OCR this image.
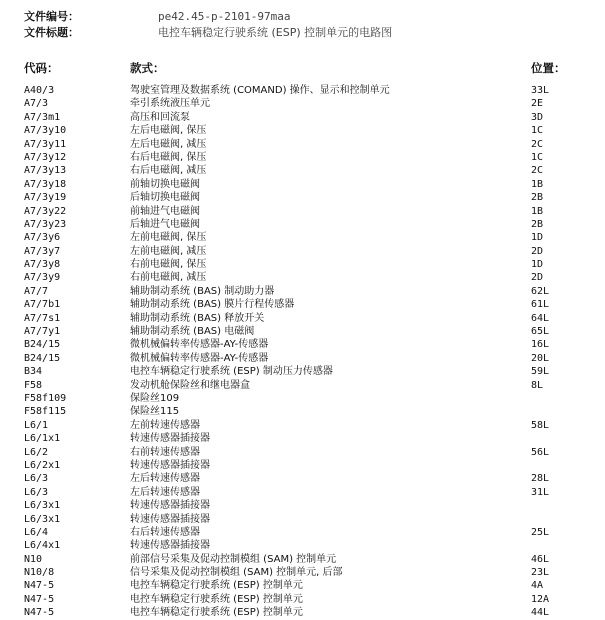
文件编号：	pe42.45-p-2101-97maa
文件标题：	电控车辆稳定行驶系统 (ESP) 控制单元的电路图
代码：	款式：	位置：
A40/3	驾驶室管理及数据系统 (COMAND) 操作、显示和控制单元	33L
A7/3	牵引系统液压单元	2E
A7/3m1	高压和回流泵	3D
A7/3y10	左后电磁阀, 保压	1C
A7/3y11	左后电磁阀, 减压	2C
A7/3y12	右后电磁阀, 保压	1C
A7/3y13	右后电磁阀, 减压	2C
A7/3y18	前轴切换电磁阀	1B
A7/3y19	后轴切换电磁阀	2B
A7/3y22	前轴进气电磁阀	1B
A7/3y23	后轴进气电磁阀	2B
A7/3y6	左前电磁阀, 保压	1D
A7/3y7	左前电磁阀, 减压	2D
A7/3y8	右前电磁阀, 保压	1D
A7/3y9	右前电磁阀, 减压	2D
A7/7	辅助制动系统 (BAS) 制动助力器	62L
A7/7b1	辅助制动系统 (BAS) 膜片行程传感器	61L
A7/7s1	辅助制动系统 (BAS) 释放开关	64L
A7/7y1	辅助制动系统 (BAS) 电磁阀	65L
B24/15	微机械偏转率传感器-AY-传感器	16L
B24/15	微机械偏转率传感器-AY-传感器	20L
B34	电控车辆稳定行驶系统 (ESP) 制动压力传感器	59L
F58	发动机舱保险丝和继电器盒	8L
F58f109	保险丝109
F58f115	保险丝115
L6/1	左前转速传感器	58L
L6/1x1	转速传感器插接器
L6/2	右前转速传感器	56L
L6/2x1	转速传感器插接器
L6/3	左后转速传感器	28L
L6/3	左后转速传感器	31L
L6/3x1	转速传感器插接器
L6/3x1	转速传感器插接器
L6/4	右后转速传感器	25L
L6/4x1	转速传感器插接器
N10	前部信号采集及促动控制模组 (SAM) 控制单元	46L
N10/8	信号采集及促动控制模组 (SAM) 控制单元, 后部	23L
N47-5	电控车辆稳定行驶系统 (ESP) 控制单元	4A
N47-5	电控车辆稳定行驶系统 (ESP) 控制单元	12A
N47-5	电控车辆稳定行驶系统 (ESP) 控制单元	44L
